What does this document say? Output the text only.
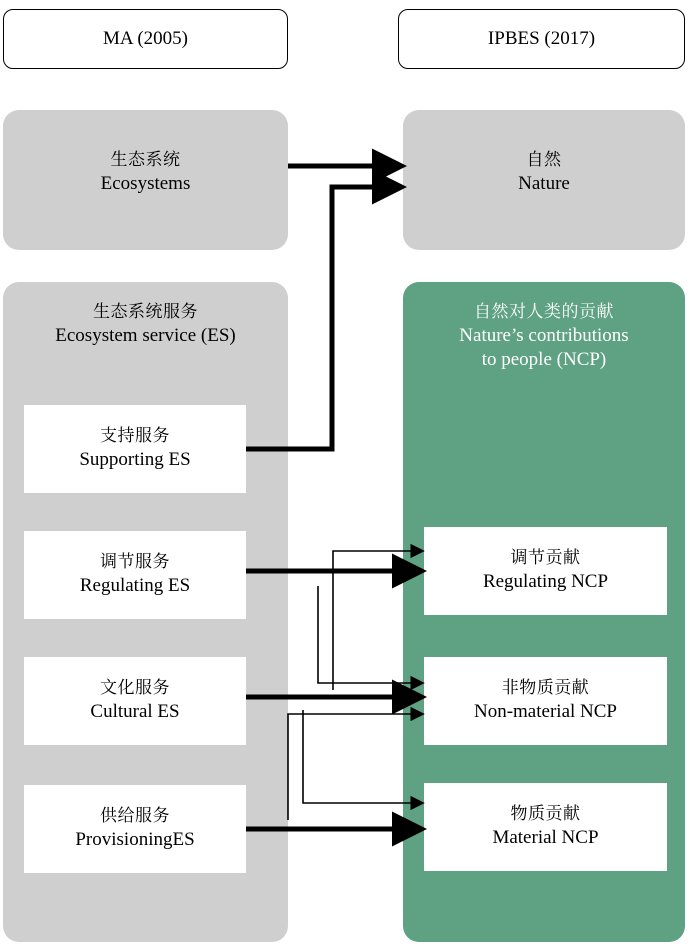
MA (2005)	IPBES (2017)
生态系统
Ecosystems
自然
Nature
生态系统服务
Ecosystem service (ES)
自然对人类的贡献
Nature’s contributions
to people (NCP)
支持服务
Supporting ES
调节服务
Regulating ES
文化服务
Cultural ES
供给服务
ProvisioningES
调节贡献
Regulating NCP
非物质贡献
Non-material NCP
物质贡献
Material NCP
